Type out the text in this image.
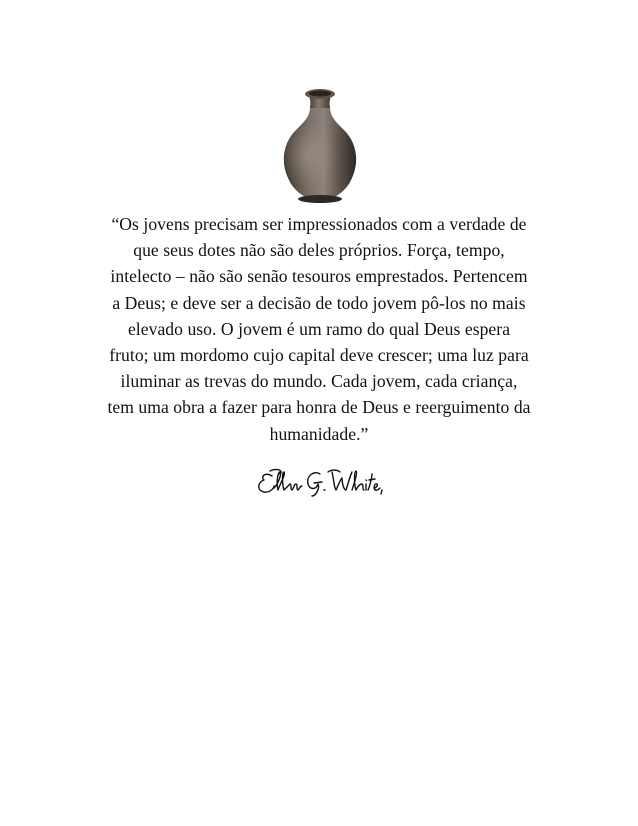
“Os jovens precisam ser impressionados com a verdade de
que seus dotes não são deles próprios. Força, tempo,
intelecto – não são senão tesouros emprestados. Pertencem
a Deus; e deve ser a decisão de todo jovem pô-los no mais
elevado uso. O jovem é um ramo do qual Deus espera
fruto; um mordomo cujo capital deve crescer; uma luz para
iluminar as trevas do mundo. Cada jovem, cada criança,
tem uma obra a fazer para honra de Deus e reerguimento da
humanidade.”
